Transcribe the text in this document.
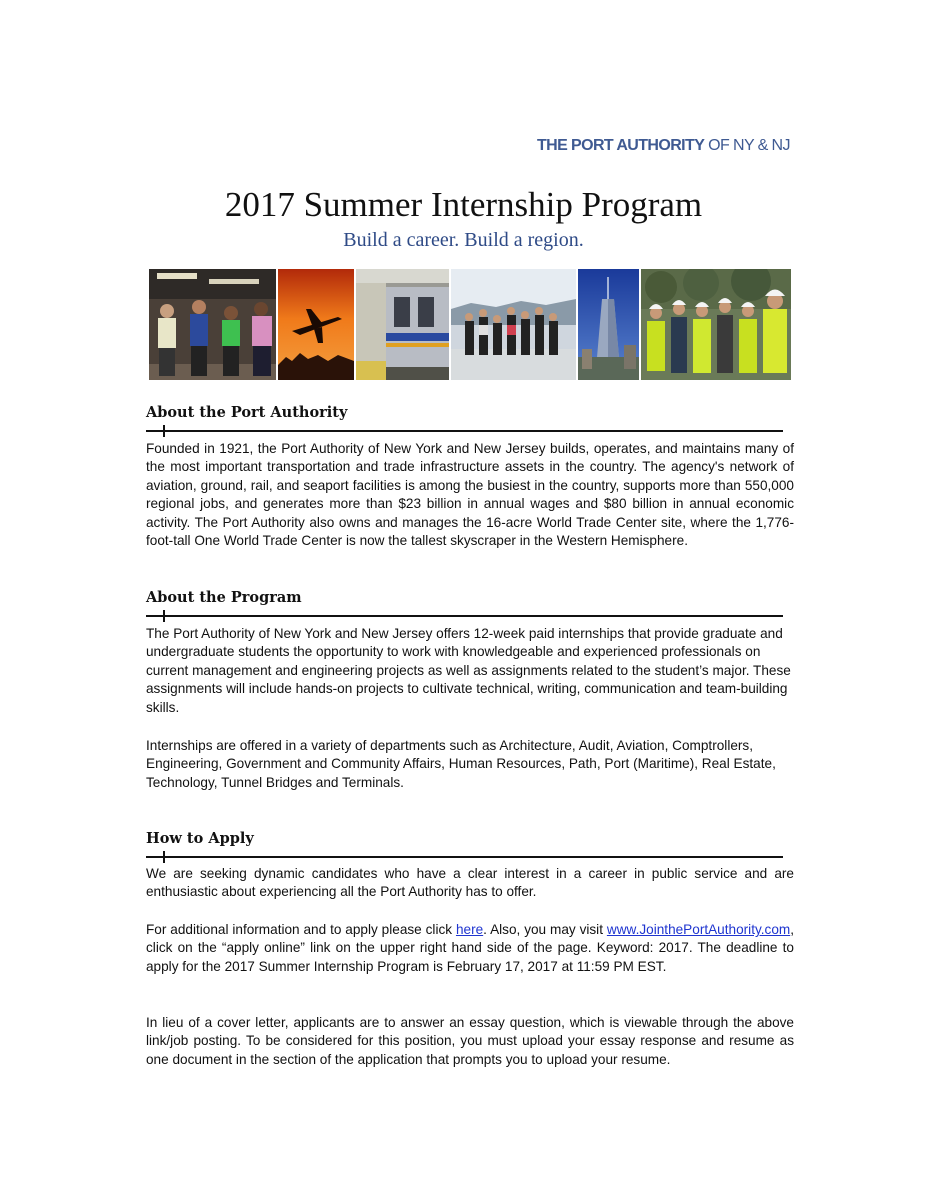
THE PORT AUTHORITY OF NY & NJ
2017 Summer Internship Program
Build a career. Build a region.
About the Port Authority
Founded in 1921, the Port Authority of New York and New Jersey builds, operates, and maintains many of the most important transportation and trade infrastructure assets in the country. The agency's network of aviation, ground, rail, and seaport facilities is among the busiest in the country, supports more than 550,000 regional jobs, and generates more than $23 billion in annual wages and $80 billion in annual economic activity. The Port Authority also owns and manages the 16-acre World Trade Center site, where the 1,776-foot-tall One World Trade Center is now the tallest skyscraper in the Western Hemisphere.
About the Program
The Port Authority of New York and New Jersey offers 12-week paid internships that provide graduate and undergraduate students the opportunity to work with knowledgeable and experienced professionals on current management and engineering projects as well as assignments related to the student’s major. These assignments will include hands-on projects to cultivate technical, writing, communication and team-building skills.
Internships are offered in a variety of departments such as Architecture, Audit, Aviation, Comptrollers, Engineering, Government and Community Affairs, Human Resources, Path, Port (Maritime), Real Estate, Technology, Tunnel Bridges and Terminals.
How to Apply
We are seeking dynamic candidates who have a clear interest in a career in public service and are enthusiastic about experiencing all the Port Authority has to offer.
For additional information and to apply please click here. Also, you may visit www.JointhePortAuthority.com, click on the “apply online” link on the upper right hand side of the page. Keyword: 2017. The deadline to apply for the 2017 Summer Internship Program is February 17, 2017 at 11:59 PM EST.
In lieu of a cover letter, applicants are to answer an essay question, which is viewable through the above link/job posting. To be considered for this position, you must upload your essay response and resume as one document in the section of the application that prompts you to upload your resume.
